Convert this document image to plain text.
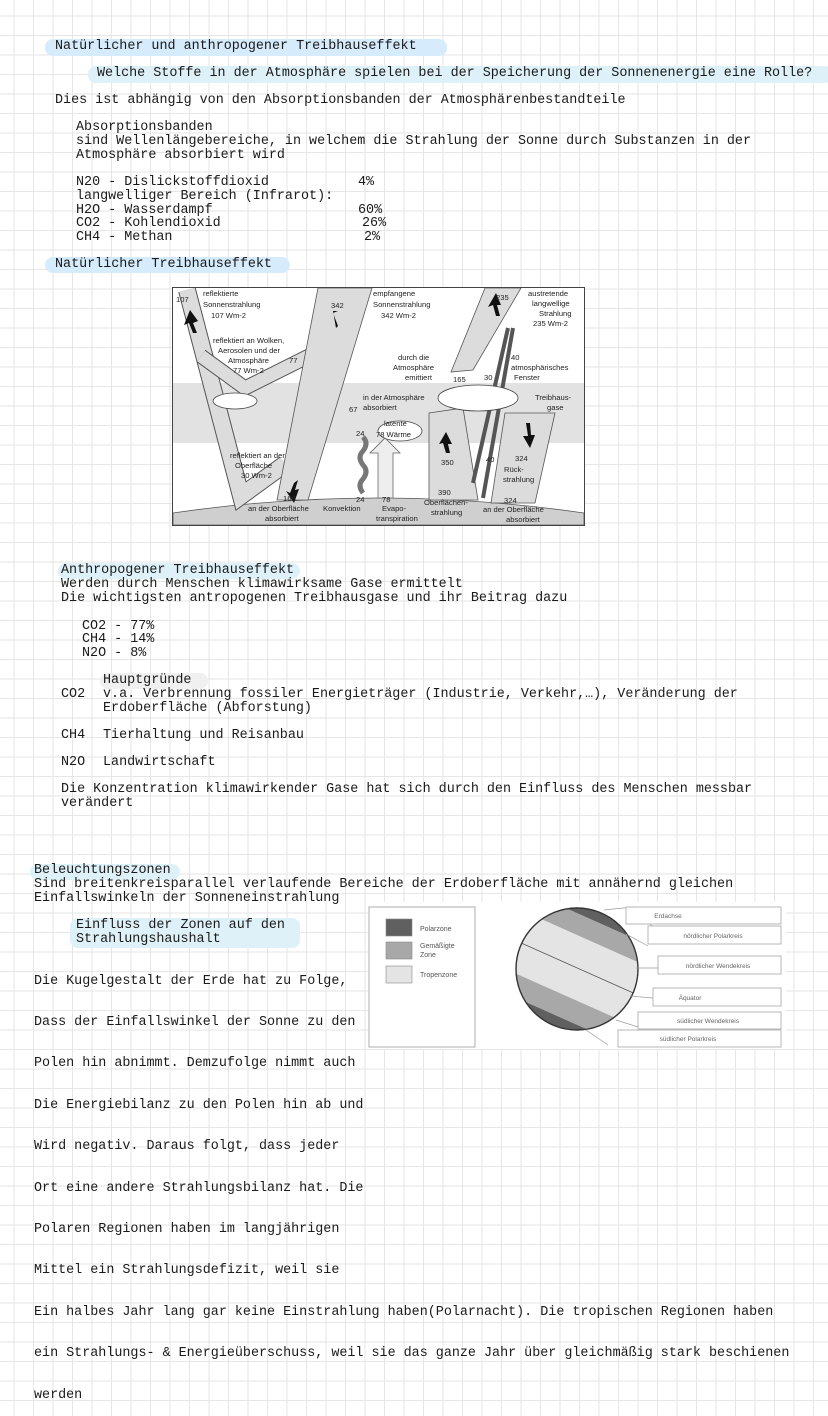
Natürlicher und anthropogener Treibhauseffekt
Welche Stoffe in der Atmosphäre spielen bei der Speicherung der Sonnenenergie eine Rolle?
Dies ist abhängig von den Absorptionsbanden der Atmosphärenbestandteile
Absorptionsbanden
sind Wellenlängebereiche, in welchem die Strahlung der Sonne durch Substanzen in der
Atmosphäre absorbiert wird
N20 - Dislickstoffdioxid	4%
langwelliger Bereich (Infrarot):
H2O - Wasserdampf	60%
CO2 - Kohlendioxid	26%
CH4 - Methan	2%
Natürlicher Treibhauseffekt
107
reflektierte
Sonnenstrahlung
107 Wm-2
342
empfangene
Sonnenstrahlung
342 Wm-2
235	austretende
langwellige
Strahlung
235 Wm-2
reflektiert an Wolken,
Aerosolen und der
Atmosphäre	77
77 Wm-2
durch die
Atmosphäre
emittiert	165 30
40
atmosphärisches
Fenster
in der Atmosphäre
absorbiert
67
Treibhaus-
gase
latente
24 78 Wärme
reflektiert an der
Oberfläche
30 Wm-2
350	40	324
Rück-
strahlung
168
an der Oberfläche
absorbiert
24
Konvektion
78
Evapo-
transpiration
390
Oberflächen-
strahlung
324
an der Oberfläche
absorbiert
Anthropogener Treibhauseffekt
Werden durch Menschen klimawirksame Gase ermittelt
Die wichtigsten antropogenen Treibhausgase und ihr Beitrag dazu
CO2 - 77%
CH4 - 14%
N2O - 8%
Hauptgründe
CO2 v.a. Verbrennung fossiler Energieträger (Industrie, Verkehr,…), Veränderung der
Erdoberfläche (Abforstung)
CH4 Tierhaltung und Reisanbau
N2O Landwirtschaft
Die Konzentration klimawirkender Gase hat sich durch den Einfluss des Menschen messbar
verändert
Beleuchtungszonen
Sind breitenkreisparallel verlaufende Bereiche der Erdoberfläche mit annähernd gleichen
Einfallswinkeln der Sonneneinstrahlung
Einfluss der Zonen auf den
Strahlungshaushalt

Die Kugelgestalt der Erde hat zu Folge,

Dass der Einfallswinkel der Sonne zu den

Polen hin abnimmt. Demzufolge nimmt auch

Die Energiebilanz zu den Polen hin ab und

Wird negativ. Daraus folgt, dass jeder

Ort eine andere Strahlungsbilanz hat. Die

Polaren Regionen haben im langjährigen

Mittel ein Strahlungsdefizit, weil sie

Ein halbes Jahr lang gar keine Einstrahlung haben(Polarnacht). Die tropischen Regionen haben

ein Strahlungs- & Energieüberschuss, weil sie das ganze Jahr über gleichmäßig stark beschienen

werden

Polarzone
Gemäßigte
Zone
Tropenzone
Erdachse
nördlicher Polarkreis
nördlicher Wendekreis
Äquator
südlicher Wendekreis
südlicher Polarkreis
